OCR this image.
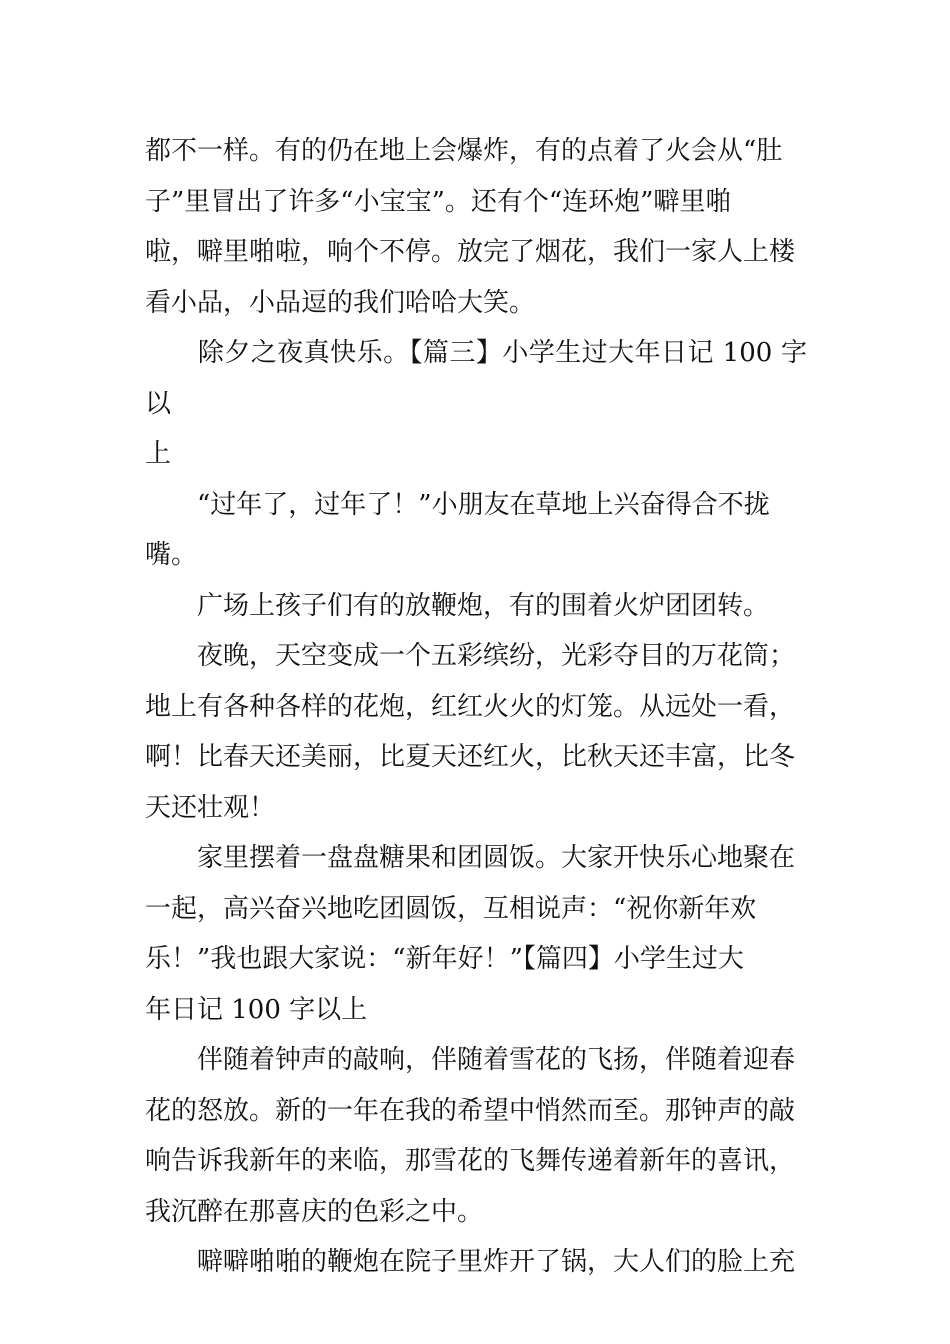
都不一样。有的仍在地上会爆炸，有的点着了火会从“肚
子”里冒出了许多“小宝宝”。还有个“连环炮”噼里啪
啦，噼里啪啦，响个不停。放完了烟花，我们一家人上楼
看小品，小品逗的我们哈哈大笑。

　　除夕之夜真快乐。【篇三】小学生过大年日记 100 字以
上

　　“过年了，过年了！”小朋友在草地上兴奋得合不拢
嘴。

　　广场上孩子们有的放鞭炮，有的围着火炉团团转。

　　夜晚，天空变成一个五彩缤纷，光彩夺目的万花筒；
地上有各种各样的花炮，红红火火的灯笼。从远处一看，
啊！比春天还美丽，比夏天还红火，比秋天还丰富，比冬
天还壮观！

　　家里摆着一盘盘糖果和团圆饭。大家开快乐心地聚在
一起，高兴奋兴地吃团圆饭，互相说声：“祝你新年欢
乐！”我也跟大家说：“新年好！”【篇四】小学生过大
年日记 100 字以上

　　伴随着钟声的敲响，伴随着雪花的飞扬，伴随着迎春
花的怒放。新的一年在我的希望中悄然而至。那钟声的敲
响告诉我新年的来临，那雪花的飞舞传递着新年的喜讯，
我沉醉在那喜庆的色彩之中。

　　噼噼啪啪的鞭炮在院子里炸开了锅，大人们的脸上充
